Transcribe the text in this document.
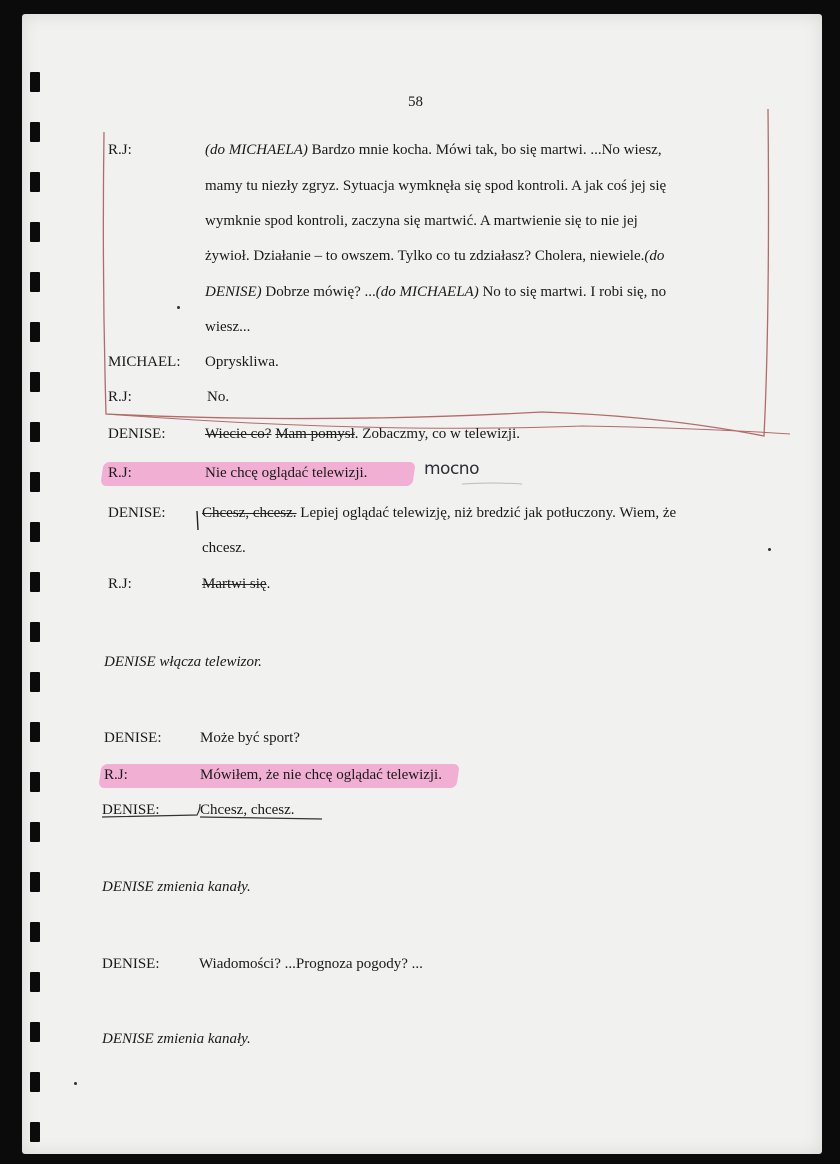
58
R.J:	(do MICHAELA) Bardzo mnie kocha. Mówi tak, bo się martwi. ...No wiesz,
mamy tu niezły zgryz. Sytuacja wymknęła się spod kontroli. A jak coś jej się
wymknie spod kontroli, zaczyna się martwić. A martwienie się to nie jej
żywioł. Działanie – to owszem. Tylko co tu zdziałasz? Cholera, niewiele.(do
DENISE) Dobrze mówię? ...(do MICHAELA) No to się martwi. I robi się, no
wiesz...
MICHAEL: Opryskliwa.
R.J:	No.
DENISE:	Wiecie co? Mam pomysł. Zobaczmy, co w telewizji.
R.J:	Nie chcę oglądać telewizji.	mocno
DENISE: Chcesz, chcesz. Lepiej oglądać telewizję, niż bredzić jak potłuczony. Wiem, że
chcesz.
R.J:	Martwi się.
DENISE włącza telewizor.
DENISE:	Może być sport?
R.J:	Mówiłem, że nie chcę oglądać telewizji.
DENISE:	Chcesz, chcesz.
DENISE zmienia kanały.
DENISE:	Wiadomości? ...Prognoza pogody? ...
DENISE zmienia kanały.
